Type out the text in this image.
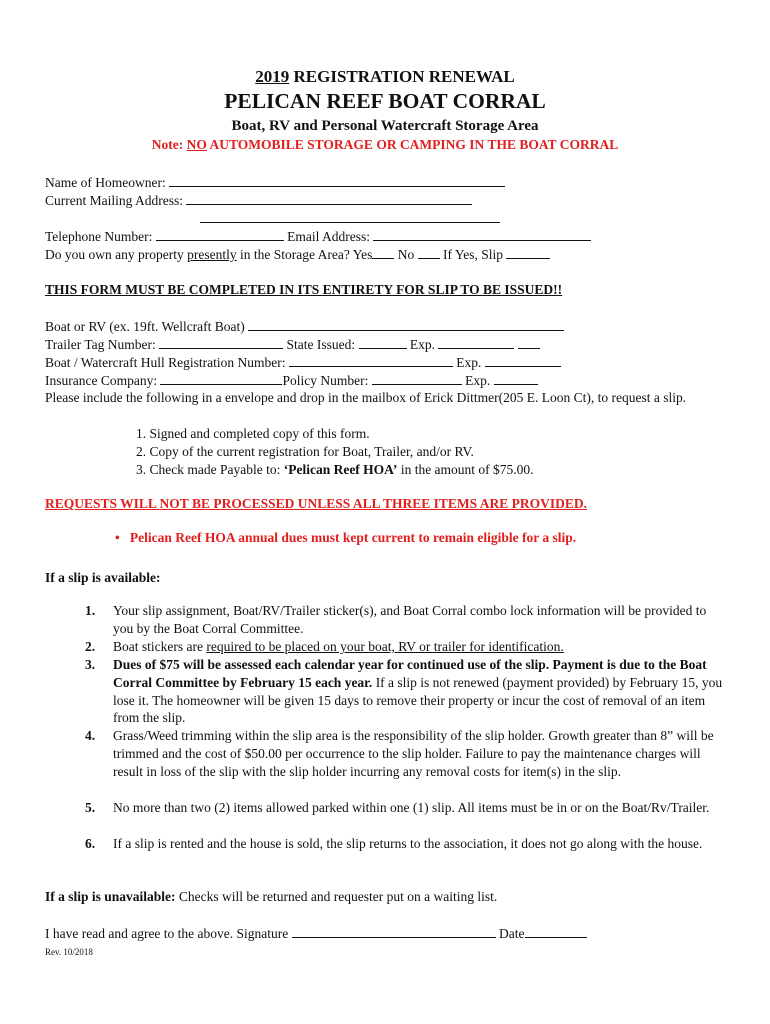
2019 REGISTRATION RENEWAL
PELICAN REEF BOAT CORRAL
Boat, RV and Personal Watercraft Storage Area
Note: NO AUTOMOBILE STORAGE OR CAMPING IN THE BOAT CORRAL
Name of Homeowner:
Current Mailing Address:
Telephone Number:	Email Address:
Do you own any property presently in the Storage Area? Yes No  If Yes, Slip
THIS FORM MUST BE COMPLETED IN ITS ENTIRETY FOR SLIP TO BE ISSUED!!
Boat or RV (ex. 19ft. Wellcraft Boat)
Trailer Tag Number:	State Issued:	Exp.
Boat / Watercraft Hull Registration Number:	Exp.
Insurance Company:	Policy Number:	Exp.
Please include the following in a envelope and drop in the mailbox of Erick Dittmer(205 E. Loon Ct), to request a slip.
1. Signed and completed copy of this form.
2. Copy of the current registration for Boat, Trailer, and/or RV.
3. Check made Payable to: ‘Pelican Reef HOA’ in the amount of $75.00.
REQUESTS WILL NOT BE PROCESSED UNLESS ALL THREE ITEMS ARE PROVIDED.
• Pelican Reef HOA annual dues must kept current to remain eligible for a slip.
If a slip is available:
1. Your slip assignment, Boat/RV/Trailer sticker(s), and Boat Corral combo lock information will be provided to you by the Boat Corral Committee.
2. Boat stickers are required to be placed on your boat, RV or trailer for identification.
3. Dues of $75 will be assessed each calendar year for continued use of the slip. Payment is due to the Boat Corral Committee by February 15 each year. If a slip is not renewed (payment provided) by February 15, you lose it. The homeowner will be given 15 days to remove their property or incur the cost of removal of an item from the slip.
4. Grass/Weed trimming within the slip area is the responsibility of the slip holder. Growth greater than 8” will be trimmed and the cost of $50.00 per occurrence to the slip holder. Failure to pay the maintenance charges will result in loss of the slip with the slip holder incurring any removal costs for item(s) in the slip.
5. No more than two (2) items allowed parked within one (1) slip. All items must be in or on the Boat/Rv/Trailer.
6. If a slip is rented and the house is sold, the slip returns to the association, it does not go along with the house.
If a slip is unavailable: Checks will be returned and requester put on a waiting list.
I have read and agree to the above. Signature	Date
Rev. 10/2018
